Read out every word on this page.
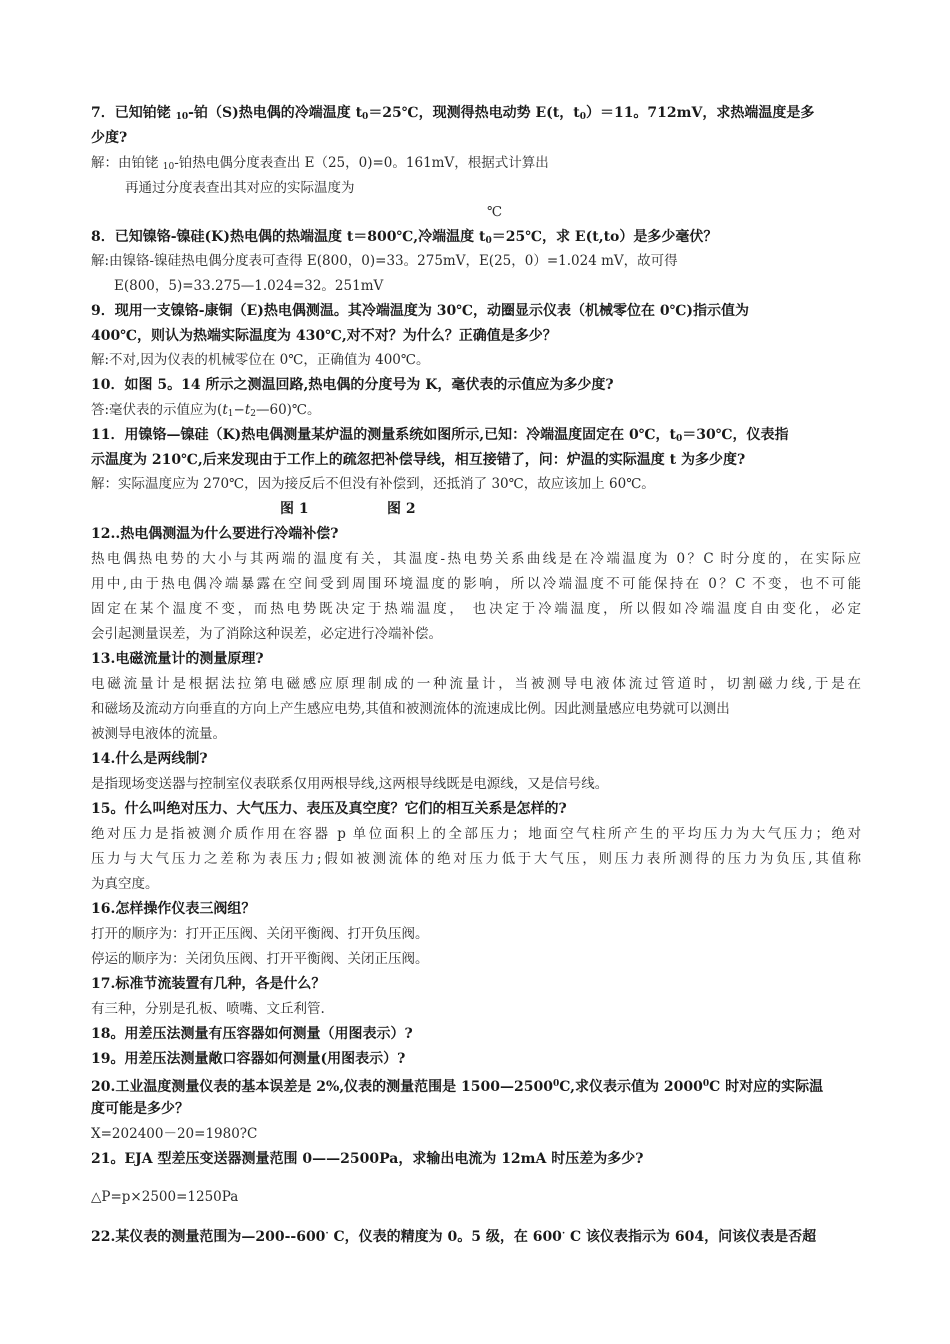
7．已知铂铑 $_{10}$-铂（S)热电偶的冷端温度 $t_0=25℃$，现测得热电动势 E(t，$t_0)=11$。712mV，求热端温度是多
少度?
解：由铂铑 $_{10}$-铂热电偶分度表查出 E（25，0)=0。161mV，根据式计算出
再通过分度表查出其对应的实际温度为
℃
8．已知镍铬-镍硅(K)热电偶的热端温度 t＝800℃,冷端温度 $t_0=25℃$，求 E(t,to）是多少毫伏？
解:由镍铬-镍硅热电偶分度表可查得 E(800，0)=33。275mV，E(25，0）=1.024 mV，故可得
E(800，5)=33.275—1.024=32。251mV
9．现用一支镍铬-康铜（E)热电偶测温。其冷端温度为 30℃，动圈显示仪表（机械零位在 0℃)指示值为
400℃，则认为热端实际温度为 430℃,对不对？为什么？正确值是多少？
解:不对,因为仪表的机械零位在 0℃，正确值为 400℃。
10．如图 5。14 所示之测温回路,热电偶的分度号为 K，毫伏表的示值应为多少度?
答:毫伏表的示值应为$(t_1-t_2—60)℃$。
11．用镍铬—镍硅（K)热电偶测量某炉温的测量系统如图所示,已知：冷端温度固定在 0℃，$t_0=30℃$，仪表指
示温度为 210℃,后来发现由于工作上的疏忽把补偿导线，相互接错了，问：炉温的实际温度 t 为多少度?
解：实际温度应为 270℃，因为接反后不但没有补偿到，还抵消了 30℃，故应该加上 60℃。
图 1	图 2
12..热电偶测温为什么要进行冷端补偿?
热电偶热电势的大小与其两端的温度有关，其温度-热电势关系曲线是在冷端温度为 0？C 时分度的，在实际应
用中,由于热电偶冷端暴露在空间受到周围环境温度的影响，所以冷端温度不可能保持在 0？C 不变，也不可能
固定在某个温度不变，而热电势既决定于热端温度， 也决定于冷端温度，所以假如冷端温度自由变化，必定
会引起测量误差，为了消除这种误差，必定进行冷端补偿。
13.电磁流量计的测量原理?
电磁流量计是根据法拉第电磁感应原理制成的一种流量计，当被测导电液体流过管道时，切割磁力线,于是在
和磁场及流动方向垂直的方向上产生感应电势,其值和被测流体的流速成比例。因此测量感应电势就可以测出
被测导电液体的流量。
14.什么是两线制?
是指现场变送器与控制室仪表联系仅用两根导线,这两根导线既是电源线，又是信号线。
15。什么叫绝对压力、大气压力、表压及真空度？它们的相互关系是怎样的?
绝对压力是指被测介质作用在容器 p 单位面积上的全部压力；地面空气柱所产生的平均压力为大气压力；绝对
压力与大气压力之差称为表压力;假如被测流体的绝对压力低于大气压，则压力表所测得的压力为负压,其值称
为真空度。
16.怎样操作仪表三阀组？
打开的顺序为：打开正压阀、关闭平衡阀、打开负压阀。
停运的顺序为：关闭负压阀、打开平衡阀、关闭正压阀。
17.标准节流装置有几种，各是什么？
有三种，分别是孔板、喷嘴、文丘利管.
18。用差压法测量有压容器如何测量（用图表示）?
19。用差压法测量敞口容器如何测量(用图表示）?
20.工业温度测量仪表的基本误差是 2%,仪表的测量范围是 1500—2500$^0$C,求仪表示值为 2000$^0$C 时对应的实际温
度可能是多少？
X=202400－20=1980?C
21。EJA 型差压变送器测量范围 0——2500Pa，求输出电流为 12mA 时压差为多少?
△P=p×2500=1250Pa
22.某仪表的测量范围为—200--600· C，仪表的精度为 0。5 级，在 600· C 该仪表指示为 604，问该仪表是否超
